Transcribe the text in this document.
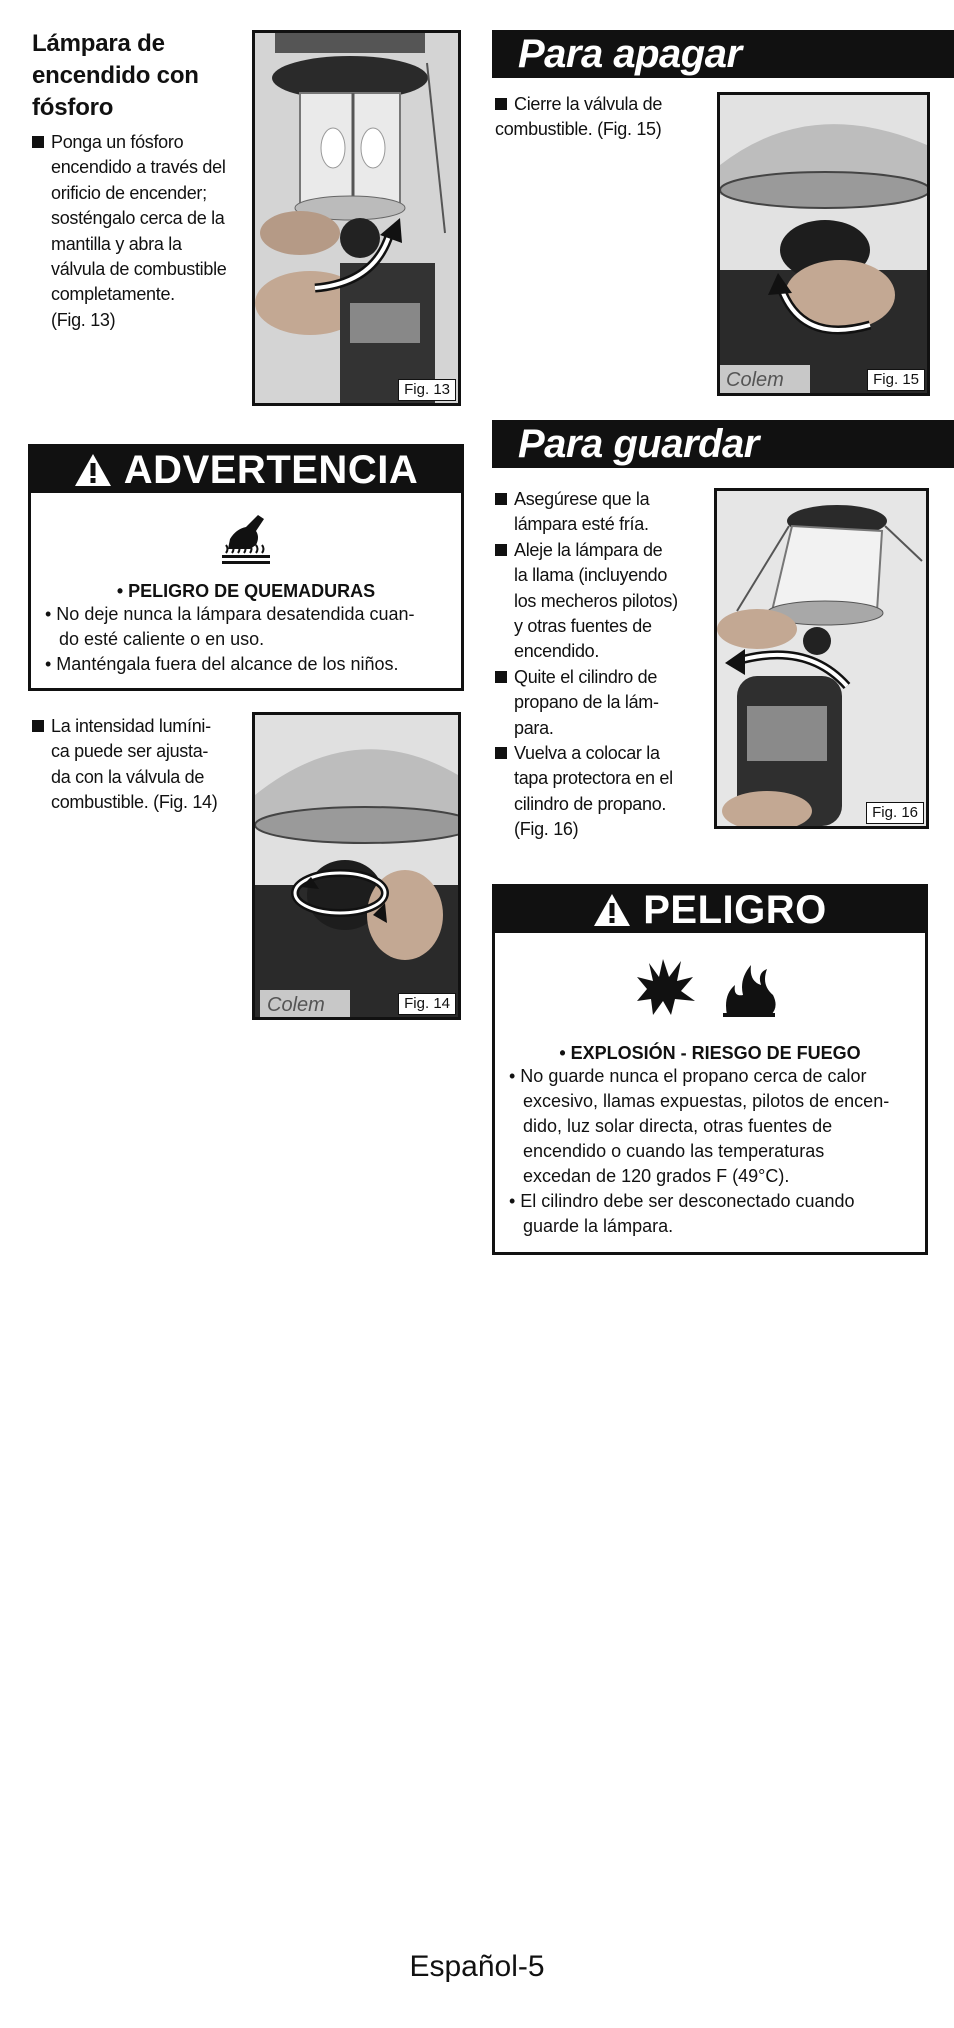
Lámpara de
encendido con
fósforo
Ponga un fósforo
encendido a través del
orificio de encender;
sosténgalo cerca de la
mantilla y abra la
válvula de combustible
completamente.
(Fig. 13)
Fig. 13
ADVERTENCIA
• PELIGRO DE QUEMADURAS
• No deje nunca la lámpara desatendida cuan-
do esté caliente o en uso.
• Manténgala fuera del alcance de los niños.
La intensidad lumíni-
ca puede ser ajusta-
da con la válvula de
combustible. (Fig. 14)
Colem	Fig. 14
Para apagar
Cierre la válvula de
combustible. (Fig. 15)
Colem	Fig. 15
Para guardar
Asegúrese que la
lámpara esté fría.
Aleje la lámpara de
la llama (incluyendo
los mecheros pilotos)
y otras fuentes de
encendido.
Quite el cilindro de
propano de la lám-
para.
Vuelva a colocar la
tapa protectora en el
cilindro de propano.
(Fig. 16)
Fig. 16
PELIGRO
• EXPLOSIÓN - RIESGO DE FUEGO
• No guarde nunca el propano cerca de calor
excesivo, llamas expuestas, pilotos de encen-
dido, luz solar directa, otras fuentes de
encendido o cuando las temperaturas
excedan de 120 grados F (49°C).
• El cilindro debe ser desconectado cuando
guarde la lámpara.
Español-5
